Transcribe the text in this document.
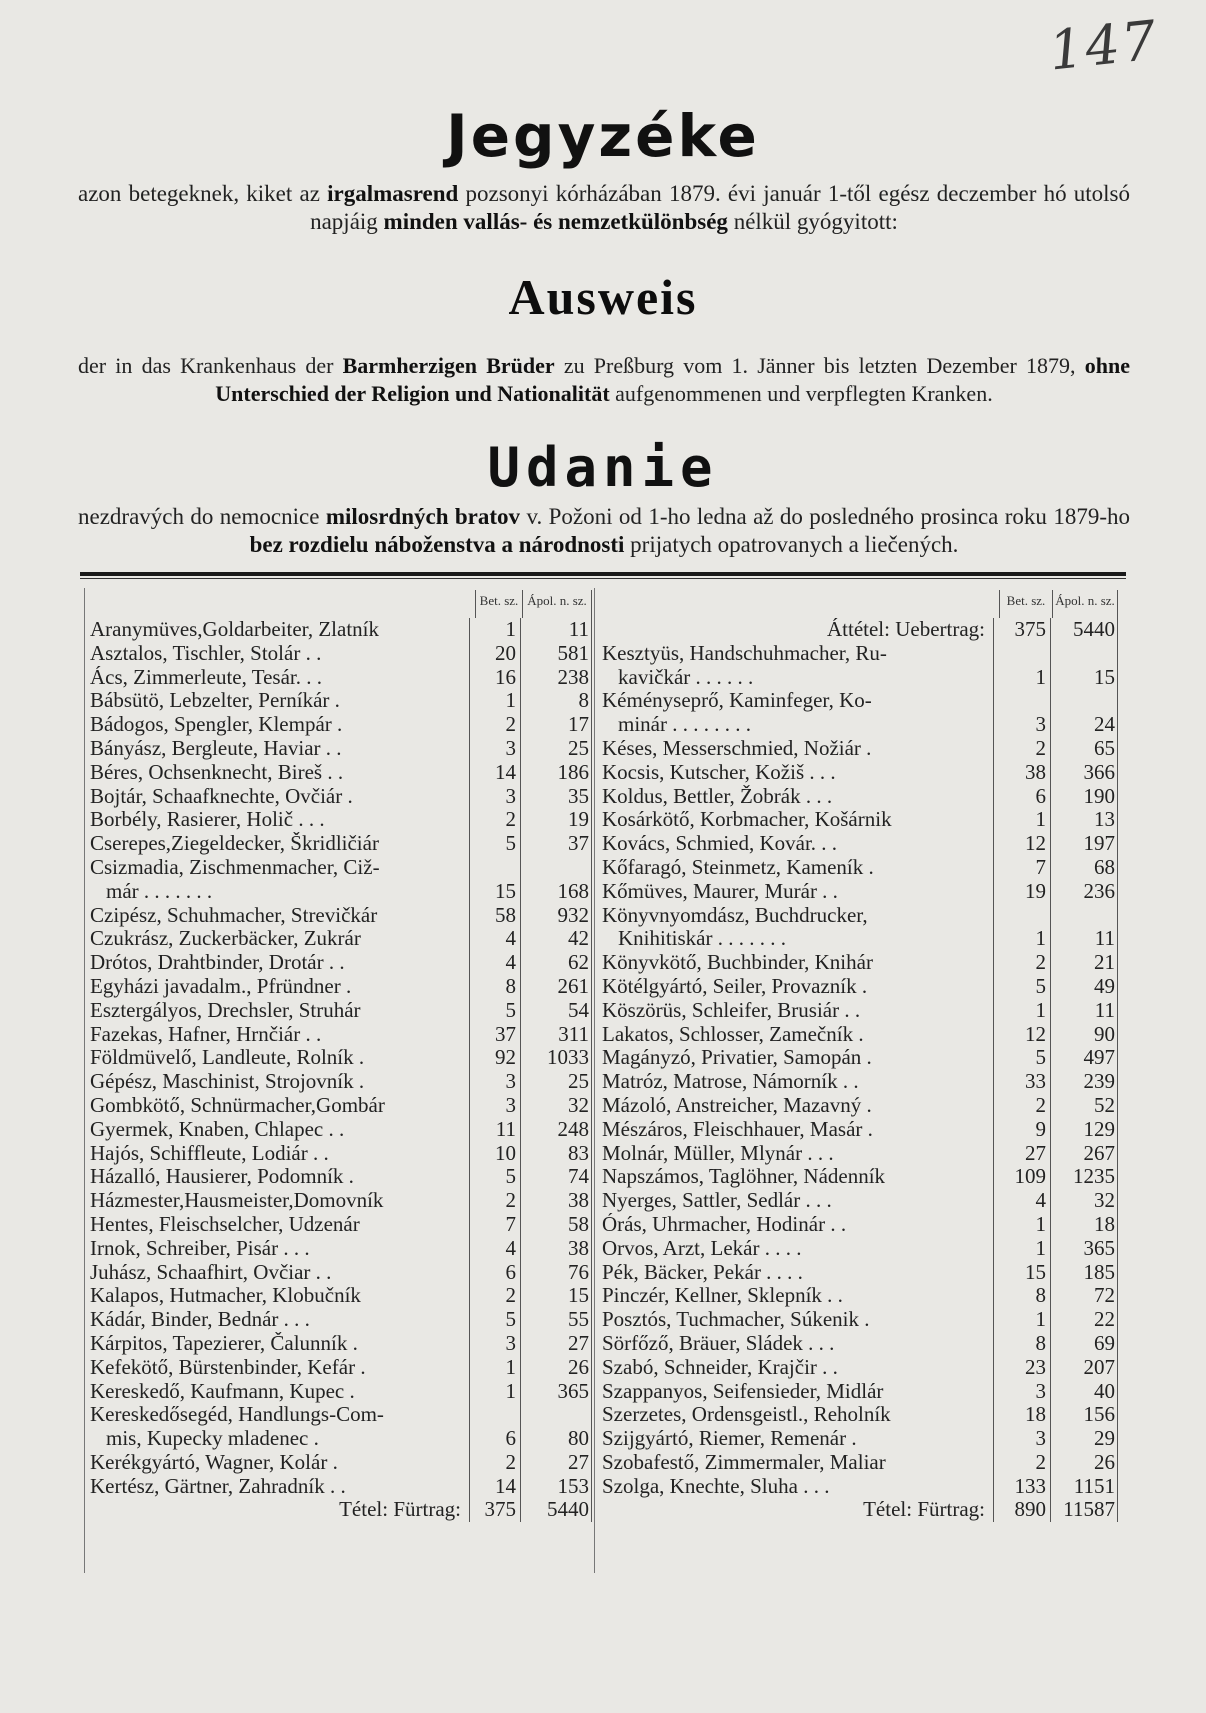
147
Jegyzéke
azon betegeknek, kiket az irgalmasrend pozsonyi kórházában 1879. évi január 1-től egész deczember hó utolsó napjáig minden vallás- és nemzetkülönbség nélkül gyógyitott:
Ausweis
der in das Krankenhaus der Barmherzigen Brüder zu Preßburg vom 1. Jänner bis letzten Dezember 1879, ohne Unterschied der Religion und Nationalität aufgenommenen und verpflegten Kranken.
Udanie
nezdravých do nemocnice milosrdných bratov v. Požoni od 1-ho ledna až do posledného prosinca roku 1879-ho bez rozdielu náboženstva a národnosti prijatych opatrovanych a liečených.
Bet. sz. Ápol. n. sz.
Aranymüves,Goldarbeiter, Zlatník	1	11
Asztalos, Tischler, Stolár . .	20	581
Ács, Zimmerleute, Tesár. . .	16	238
Bábsütö, Lebzelter, Perníkár .	1	8
Bádogos, Spengler, Klempár .	2	17
Bányász, Bergleute, Haviar . .	3	25
Béres, Ochsenknecht, Bireš . .	14	186
Bojtár, Schaafknechte, Ovčiár .	3	35
Borbély, Rasierer, Holič . . .	2	19
Cserepes,Ziegeldecker, Škridličiár	5	37
Csizmadia, Zischmenmacher, Ciž-		
már . . . . . . .	15	168
Czipész, Schuhmacher, Strevičkár	58	932
Czukrász, Zuckerbäcker, Zukrár	4	42
Drótos, Drahtbinder, Drotár . .	4	62
Egyházi javadalm., Pfründner .	8	261
Esztergályos, Drechsler, Struhár	5	54
Fazekas, Hafner, Hrnčiár . .	37	311
Földmüvelő, Landleute, Rolník .	92	1033
Gépész, Maschinist, Strojovník .	3	25
Gombkötő, Schnürmacher,Gombár	3	32
Gyermek, Knaben, Chlapec . .	11	248
Hajós, Schiffleute, Lodiár . .	10	83
Házalló, Hausierer, Podomník .	5	74
Házmester,Hausmeister,Domovník	2	38
Hentes, Fleischselcher, Udzenár	7	58
Irnok, Schreiber, Pisár . . .	4	38
Juhász, Schaafhirt, Ovčiar . .	6	76
Kalapos, Hutmacher, Klobučník	2	15
Kádár, Binder, Bednár . . .	5	55
Kárpitos, Tapezierer, Čalunník .	3	27
Kefekötő, Bürstenbinder, Kefár .	1	26
Kereskedő, Kaufmann, Kupec .	1	365
Kereskedősegéd, Handlungs-Com-		
mis, Kupecky mladenec .	6	80
Kerékgyártó, Wagner, Kolár .	2	27
Kertész, Gärtner, Zahradník . .	14	153
Tétel: Fürtrag:	375	5440
Bet. sz. Ápol. n. sz.
Áttétel: Uebertrag:	375	5440
Kesztyüs, Handschuhmacher, Ru-		
kavičkár . . . . . .	1	15
Kéményseprő, Kaminfeger, Ko-		
minár . . . . . . . .	3	24
Késes, Messerschmied, Nožiár .	2	65
Kocsis, Kutscher, Kožiš . . .	38	366
Koldus, Bettler, Žobrák . . .	6	190
Kosárkötő, Korbmacher, Košárnik	1	13
Kovács, Schmied, Kovár. . .	12	197
Kőfaragó, Steinmetz, Kameník .	7	68
Kőmüves, Maurer, Murár . .	19	236
Könyvnyomdász, Buchdrucker,		
Knihitiskár . . . . . . .	1	11
Könyvkötő, Buchbinder, Knihár	2	21
Kötélgyártó, Seiler, Provazník .	5	49
Köszörüs, Schleifer, Brusiár . .	1	11
Lakatos, Schlosser, Zamečník .	12	90
Magányzó, Privatier, Samopán .	5	497
Matróz, Matrose, Námorník . .	33	239
Mázoló, Anstreicher, Mazavný .	2	52
Mészáros, Fleischhauer, Masár .	9	129
Molnár, Müller, Mlynár . . .	27	267
Napszámos, Taglöhner, Nádenník	109	1235
Nyerges, Sattler, Sedlár . . .	4	32
Órás, Uhrmacher, Hodinár . .	1	18
Orvos, Arzt, Lekár . . . .	1	365
Pék, Bäcker, Pekár . . . .	15	185
Pinczér, Kellner, Sklepník . .	8	72
Posztós, Tuchmacher, Súkenik .	1	22
Sörfőző, Bräuer, Sládek . . .	8	69
Szabó, Schneider, Krajčir . .	23	207
Szappanyos, Seifensieder, Midlár	3	40
Szerzetes, Ordensgeistl., Reholník	18	156
Szijgyártó, Riemer, Remenár .	3	29
Szobafestő, Zimmermaler, Maliar	2	26
Szolga, Knechte, Sluha . . .	133	1151
Tétel: Fürtrag:	890	11587
